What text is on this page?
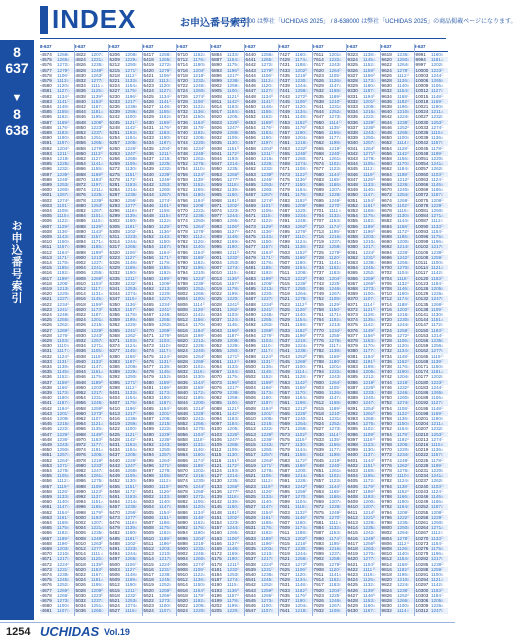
INDEX	お申込番号索引
8-637000 は弊社「UCHIDAS 2025」 / 8-638000 は弊社「UCHIDAS 2025」の商品掲載ページになります。
8
637
▼
8
638
お申込番号索引
8-637
-4574	1258 E
-4575	1265 B
-4576	1272 D
-4577	1279 A
-4578	1106 C
-4579	1113 E
-4580	1120 B
-4581	1127 D
-4582	1134 A
-4583	1141 C
-4584	1148 E
-4585	1155 B
-4586	1162 D
-4587	1169 A
-4588	1176 C
-4589	1183 E
-4590	1190 B
-4591	1197 D
-4592	1204 A
-4593	1211 C
-4594	1218 E
-4595	1225 B
-4596	1232 D
-4597	1239 A
-4598	1246 C
-4599	1253 E
-4600	1260 B
-4601	1267 D
-4602	1274 A
-4603	1101 C
-4604	1108 E
-4605	1115 B
-4606	1122 D
-4607	1129 A
-4608	1136 C
-4609	1143 E
-4610	1150 B
-4611	1157 D
-4612	1164 A
-4613	1171 C
-4614	1178 E
-4615	1185 B
-4616	1192 D
-4617	1199 A
-4618	1206 C
-4619	1213 E
-4620	1220 B
-4621	1227 D
-4622	1234 A
-4623	1241 C
-4624	1248 E
-4625	1255 B
-4626	1262 D
-4627	1269 A
-4628	1276 C
-4629	1103 E
-4630	1110 B
-4631	1117 D
-4632	1124 A
-4633	1131 C
-4634	1138 E
-4635	1145 B
-4636	1152 D
-4637	1159 A
-4638	1166 C
-4639	1173 E
-4640	1180 B
-4641	1187 D
-4642	1194 A
-4643	1201 C
-4644	1208 E
-4645	1215 B
-4646	1222 D
-4647	1229 A
-4648	1236 C
-4649	1243 E
-4650	1250 B
-4651	1257 D
-4652	1264 A
-4653	1271 C
-4654	1278 E
-4655	1105 B
-4656	1112 D
-4657	1119 A
-4658	1126 C
-4659	1133 E
-4660	1140 B
-4661	1147 D
-4662	1154 A
-4663	1161 C
-4664	1168 E
-4665	1175 B
-4666	1182 D
-4667	1189 A
-4668	1196 C
-4669	1203 E
-4670	1210 B
-4671	1217 D
-4672	1224 A
-4673	1231 C
-4674	1238 E
-4675	1245 B
-4676	1252 D
-4677	1259 A
-4678	1266 C
-4679	1273 E
-4680	1100 B
-4681	1107 D
8-637
-4822	1207 C
-4824	1221 A
-4826	1235 D
-4828	1249 B
-4830	1263 E
-4832	1277 C
-4834	1111 A
-4836	1125 D
-4838	1139 B
-4840	1153 E
-4842	1167 C
-4844	1181 A
-4846	1195 D
-4848	1209 B
-4850	1223 E
-4852	1237 C
-4854	1251 A
-4856	1265 D
-4858	1279 B
-4860	1113 E
-4862	1127 C
-4864	1141 A
-4866	1155 D
-4868	1169 B
-4870	1183 E
-4872	1197 C
-4874	1211 A
-4876	1225 D
-4878	1239 B
-4880	1253 E
-4882	1267 C
-4884	1101 A
-4886	1115 D
-4888	1129 B
-4890	1143 E
-4892	1157 C
-4894	1171 A
-4896	1185 D
-4898	1199 B
-4900	1213 E
-4902	1227 C
-4904	1241 A
-4906	1255 D
-4908	1269 B
-4910	1103 E
-4912	1117 C
-4914	1131 A
-4916	1145 D
-4918	1159 B
-4920	1173 E
-4922	1187 C
-4924	1201 A
-4926	1215 D
-4928	1229 B
-4930	1243 E
-4932	1257 C
-4934	1271 A
-4936	1105 D
-4938	1119 B
-4940	1133 E
-4942	1147 C
-4944	1161 A
-4946	1175 D
-4948	1189 B
-4950	1203 E
-4952	1217 C
-4954	1231 A
-4956	1245 D
-4958	1259 B
-4960	1273 E
-4962	1107 C
-4964	1121 A
-4966	1135 D
-4968	1149 B
-4970	1163 E
-4972	1177 C
-4974	1191 A
-4976	1205 D
-4978	1219 B
-4980	1233 E
-4982	1247 C
-4984	1261 A
-4986	1275 D
-4988	1109 B
-4990	1123 E
-4992	1137 C
-4994	1151 A
-4996	1165 D
-4998	1179 B
-5000	1193 E
-5002	1207 C
-5004	1221 A
-5006	1235 D
-5008	1249 B
-5010	1263 E
-5012	1277 C
-5014	1111 A
-5016	1125 D
-5018	1139 B
-5020	1153 E
-5022	1167 C
-5024	1181 A
-5026	1195 D
-5028	1209 B
-5030	1223 E
-5032	1237 C
-5034	1251 A
-5036	1265 D
8-637
-5206	1208 B
-5209	1229 A
-5212	1250 E
-5215	1271 D
-5218	1112 C
-5221	1133 B
-5224	1154 A
-5227	1175 E
-5230	1196 D
-5233	1217 C
-5236	1238 B
-5239	1259 A
-5242	1100 E
-5245	1121 D
-5248	1142 C
-5251	1163 B
-5254	1184 A
-5257	1205 E
-5260	1226 D
-5263	1247 C
-5266	1268 B
-5269	1109 A
-5272	1130 E
-5275	1151 D
-5278	1172 C
-5281	1193 B
-5284	1214 A
-5287	1235 E
-5290	1256 D
-5293	1277 C
-5296	1118 B
-5299	1139 A
-5302	1160 E
-5305	1181 D
-5308	1202 C
-5311	1223 B
-5314	1244 A
-5317	1265 E
-5320	1106 D
-5323	1127 C
-5326	1148 B
-5329	1169 A
-5332	1190 E
-5335	1211 D
-5338	1232 C
-5341	1253 B
-5344	1274 A
-5347	1115 E
-5350	1136 D
-5353	1157 C
-5356	1178 B
-5359	1199 A
-5362	1220 E
-5365	1241 D
-5368	1262 C
-5371	1103 B
-5374	1124 A
-5377	1145 E
-5380	1166 D
-5383	1187 C
-5386	1208 B
-5389	1229 A
-5392	1250 E
-5395	1271 D
-5398	1112 C
-5401	1133 B
-5404	1154 A
-5407	1175 E
-5410	1196 D
-5413	1217 C
-5416	1238 B
-5419	1259 A
-5422	1100 E
-5425	1121 D
-5428	1142 C
-5431	1163 B
-5434	1184 A
-5437	1205 E
-5440	1226 D
-5443	1247 C
-5446	1268 B
-5449	1109 A
-5452	1130 E
-5455	1151 D
-5458	1172 C
-5461	1193 B
-5464	1214 A
-5467	1235 E
-5470	1256 D
-5473	1277 C
-5476	1118 B
-5479	1139 A
-5482	1160 E
-5485	1181 D
-5488	1202 C
-5491	1223 B
-5494	1244 A
-5497	1265 E
-5500	1106 D
-5503	1127 C
-5506	1148 B
-5509	1169 A
-5512	1190 E
-5515	1211 D
-5518	1232 C
-5521	1253 B
-5524	1274 A
-5527	1115 E
8-637
-5417	1258 C
-5418	1265 E
-5419	1272 B
-5420	1279 D
-5421	1106 A
-5422	1113 C
-5423	1120 E
-5424	1127 B
-5425	1134 D
-5426	1141 A
-5427	1148 C
-5428	1155 E
-5429	1162 B
-5430	1169 D
-5431	1176 A
-5432	1183 C
-5433	1190 E
-5434	1197 B
-5435	1204 D
-5436	1211 A
-5437	1218 C
-5438	1225 E
-5439	1232 B
-5440	1239 D
-5441	1246 A
-5442	1253 C
-5443	1260 E
-5444	1267 B
-5445	1274 D
-5446	1101 A
-5447	1108 C
-5448	1115 E
-5449	1122 B
-5450	1129 D
-5451	1136 A
-5452	1143 C
-5453	1150 E
-5454	1157 B
-5455	1164 D
-5456	1171 A
-5457	1178 C
-5458	1185 E
-5459	1192 B
-5460	1199 D
-5461	1206 A
-5462	1213 C
-5463	1220 E
-5464	1227 B
-5465	1234 D
-5466	1241 A
-5467	1248 C
-5468	1255 E
-5469	1262 B
-5470	1269 D
-5471	1276 A
-5472	1103 C
-5473	1110 E
-5474	1117 B
-5475	1124 D
-5476	1131 A
-5477	1138 C
-5478	1145 E
-5479	1152 B
-5480	1159 D
-5481	1166 A
-5482	1173 C
-5483	1180 E
-5484	1187 B
-5485	1194 D
-5486	1201 A
-5487	1208 C
-5488	1215 E
-5489	1222 B
-5490	1229 D
-5491	1236 A
-5492	1243 C
-5493	1250 E
-5494	1257 B
-5495	1264 D
-5496	1271 A
-5497	1278 C
-5498	1105 E
-5499	1112 B
-5500	1119 D
-5501	1126 A
-5502	1133 C
-5503	1140 E
-5504	1147 B
-5505	1154 D
-5506	1161 A
-5507	1168 C
-5508	1175 E
-5509	1182 B
-5510	1189 D
-5511	1196 A
-5512	1203 C
-5513	1210 E
-5514	1217 B
-5515	1224 D
-5516	1231 A
-5517	1238 C
-5518	1245 E
-5519	1252 B
-5520	1259 D
-5521	1266 A
-5522	1273 C
-5523	1100 E
-5524	1107 B
8-637
-5710	1162 A
-5712	1176 D
-5714	1190 B
-5716	1204 E
-5718	1218 C
-5720	1232 A
-5722	1246 D
-5724	1260 B
-5726	1274 E
-5728	1108 C
-5730	1122 A
-5732	1136 D
-5734	1150 B
-5736	1164 E
-5738	1178 C
-5740	1192 A
-5742	1206 D
-5744	1220 B
-5746	1234 E
-5748	1248 C
-5750	1262 A
-5752	1276 D
-5754	1110 B
-5756	1124 E
-5758	1138 C
-5760	1152 A
-5762	1166 D
-5764	1180 B
-5766	1194 E
-5768	1208 C
-5770	1222 A
-5772	1236 D
-5774	1250 B
-5776	1264 E
-5778	1278 C
-5780	1112 A
-5782	1126 D
-5784	1140 B
-5786	1154 E
-5788	1168 C
-5790	1182 A
-5792	1196 D
-5794	1210 B
-5796	1224 E
-5798	1238 C
-5800	1252 A
-5802	1266 D
-5804	1100 B
-5806	1114 E
-5808	1128 C
-5810	1142 A
-5812	1156 D
-5814	1170 B
-5816	1184 E
-5818	1198 C
-5820	1212 A
-5822	1226 D
-5824	1240 B
-5826	1254 E
-5828	1268 C
-5830	1102 A
-5832	1116 D
-5834	1130 B
-5836	1144 E
-5838	1158 C
-5840	1172 A
-5842	1186 D
-5844	1200 B
-5846	1214 E
-5848	1228 C
-5850	1242 A
-5852	1256 D
-5854	1270 B
-5856	1104 E
-5858	1118 C
-5860	1132 A
-5862	1146 D
-5864	1160 B
-5866	1174 E
-5868	1188 C
-5870	1202 A
-5872	1216 D
-5874	1230 B
-5876	1244 E
-5878	1258 C
-5880	1272 A
-5882	1106 D
-5884	1120 B
-5886	1134 E
-5888	1148 C
-5890	1162 A
-5892	1176 D
-5894	1190 B
-5896	1204 E
-5898	1218 C
-5900	1232 A
-5902	1246 D
-5904	1260 B
-5906	1274 E
-5908	1108 C
-5910	1122 A
-5912	1136 D
-5914	1150 B
-5916	1164 E
-5918	1178 C
-5920	1192 A
-5922	1206 D
-5924	1220 B
8-637
-5884	1133 E
-5887	1154 D
-5890	1175 C
-5893	1196 B
-5896	1217 A
-5899	1238 E
-5902	1259 D
-5905	1100 C
-5908	1121 B
-5911	1142 A
-5914	1163 E
-5917	1184 D
-5920	1205 C
-5923	1226 B
-5926	1247 A
-5929	1268 E
-5932	1109 D
-5935	1130 C
-5938	1151 B
-5941	1172 A
-5944	1193 E
-5947	1214 D
-5950	1235 C
-5953	1256 B
-5956	1277 A
-5959	1118 E
-5962	1139 D
-5965	1160 C
-5968	1181 B
-5971	1202 A
-5974	1223 E
-5977	1244 D
-5980	1265 C
-5983	1106 B
-5986	1127 A
-5989	1148 E
-5992	1169 D
-5995	1190 C
-5998	1211 B
-6001	1232 A
-6004	1253 E
-6007	1274 D
-6010	1115 C
-6013	1136 B
-6016	1157 A
-6019	1178 E
-6022	1199 D
-6025	1220 C
-6028	1241 B
-6031	1262 A
-6034	1103 E
-6037	1124 D
-6040	1145 C
-6043	1166 B
-6046	1187 A
-6049	1208 E
-6052	1229 D
-6055	1250 C
-6058	1271 B
-6061	1112 A
-6064	1133 E
-6067	1154 D
-6070	1175 C
-6073	1196 B
-6076	1217 A
-6079	1238 E
-6082	1259 D
-6085	1100 C
-6088	1121 B
-6091	1142 A
-6094	1163 E
-6097	1184 D
-6100	1205 C
-6103	1226 B
-6106	1247 A
-6109	1268 E
-6112	1109 D
-6115	1130 C
-6118	1151 B
-6121	1172 A
-6124	1193 E
-6127	1214 D
-6130	1235 C
-6133	1256 B
-6136	1277 A
-6139	1118 E
-6142	1139 D
-6145	1160 C
-6148	1181 B
-6151	1202 A
-6154	1223 E
-6157	1244 D
-6160	1265 C
-6163	1106 B
-6166	1127 A
-6169	1148 E
-6172	1169 D
-6175	1190 C
-6178	1211 B
-6181	1232 A
-6184	1253 E
-6187	1274 D
-6190	1115 C
-6193	1136 B
-6196	1157 A
-6199	1178 E
-6202	1199 D
-6205	1220 C
8-637
-6440	1258 A
-6441	1265 C
-6442	1272 E
-6443	1279 B
-6444	1106 D
-6445	1113 A
-6446	1120 C
-6447	1127 E
-6448	1134 B
-6449	1141 D
-6450	1148 A
-6451	1155 C
-6452	1162 E
-6453	1169 B
-6454	1176 D
-6455	1183 A
-6456	1190 C
-6457	1197 E
-6458	1204 B
-6459	1211 D
-6460	1218 A
-6461	1225 C
-6462	1232 E
-6463	1239 B
-6464	1246 D
-6465	1253 A
-6466	1260 C
-6467	1267 E
-6468	1274 B
-6469	1101 D
-6470	1108 A
-6471	1115 C
-6472	1122 E
-6473	1129 B
-6474	1136 D
-6475	1143 A
-6476	1150 C
-6477	1157 E
-6478	1164 B
-6479	1171 D
-6480	1178 A
-6481	1185 C
-6482	1192 E
-6483	1199 B
-6484	1206 D
-6485	1213 A
-6486	1220 C
-6487	1227 E
-6488	1234 B
-6489	1241 D
-6490	1248 A
-6491	1255 C
-6492	1262 E
-6493	1269 B
-6494	1276 D
-6495	1103 A
-6496	1110 C
-6497	1117 E
-6498	1124 B
-6499	1131 D
-6500	1138 A
-6501	1145 C
-6502	1152 E
-6503	1159 B
-6504	1166 D
-6505	1173 A
-6506	1180 C
-6507	1187 E
-6508	1194 B
-6509	1201 D
-6510	1208 A
-6511	1215 C
-6512	1222 E
-6513	1229 B
-6514	1236 D
-6515	1243 A
-6516	1250 C
-6517	1257 E
-6518	1264 B
-6519	1271 D
-6520	1278 A
-6521	1105 C
-6522	1112 E
-6523	1119 B
-6524	1126 D
-6525	1133 A
-6526	1140 C
-6527	1147 E
-6528	1154 B
-6529	1161 D
-6530	1168 A
-6531	1175 C
-6532	1182 E
-6533	1189 B
-6534	1196 D
-6535	1203 A
-6536	1210 C
-6537	1217 E
-6538	1224 B
-6539	1231 D
-6540	1238 A
-6541	1245 C
-6542	1252 E
-6543	1259 B
-6544	1266 D
-6545	1273 A
-6546	1100 C
-6547	1107 E
8-637
-7427	1160 C
-7429	1174 A
-7431	1188 D
-7433	1202 B
-7435	1216 E
-7437	1230 C
-7439	1244 A
-7441	1258 D
-7443	1272 B
-7445	1106 E
-7447	1120 C
-7449	1134 A
-7451	1148 D
-7453	1162 B
-7455	1176 E
-7457	1190 C
-7459	1204 A
-7461	1218 D
-7463	1232 B
-7465	1246 E
-7467	1260 C
-7469	1274 A
-7471	1108 D
-7473	1122 B
-7475	1136 E
-7477	1150 C
-7479	1164 A
-7481	1178 D
-7483	1192 B
-7485	1206 E
-7487	1220 C
-7489	1234 A
-7491	1248 D
-7493	1262 B
-7495	1276 E
-7497	1110 C
-7499	1124 A
-7501	1138 D
-7503	1152 B
-7505	1166 E
-7507	1180 C
-7509	1194 A
-7511	1208 D
-7513	1222 B
-7515	1236 E
-7517	1250 C
-7519	1264 A
-7521	1278 D
-7523	1112 B
-7525	1126 E
-7527	1140 C
-7529	1154 A
-7531	1168 D
-7533	1182 B
-7535	1196 E
-7537	1210 C
-7539	1224 A
-7541	1238 D
-7543	1252 B
-7545	1266 E
-7547	1100 C
-7549	1114 A
-7551	1128 D
-7553	1142 B
-7555	1156 E
-7557	1170 C
-7559	1184 A
-7561	1198 D
-7563	1212 B
-7565	1226 E
-7567	1240 C
-7569	1254 A
-7571	1268 D
-7573	1102 B
-7575	1116 E
-7577	1130 C
-7579	1144 A
-7581	1158 D
-7583	1172 B
-7585	1186 E
-7587	1200 C
-7589	1214 A
-7591	1228 D
-7593	1242 B
-7595	1256 E
-7597	1270 C
-7599	1104 A
-7601	1118 D
-7603	1132 B
-7605	1146 E
-7607	1160 C
-7609	1174 A
-7611	1188 D
-7613	1202 B
-7615	1216 E
-7617	1230 C
-7619	1244 A
-7621	1258 D
-7623	1272 B
-7625	1106 E
-7627	1120 C
-7629	1134 A
-7631	1148 D
-7633	1162 B
-7635	1176 E
-7637	1190 C
-7639	1204 A
-7641	1218 D
8-637
-7611	1201 B
-7614	1222 A
-7617	1243 E
-7620	1264 D
-7623	1105 C
-7626	1126 B
-7629	1147 A
-7632	1168 E
-7635	1189 D
-7638	1210 C
-7641	1231 B
-7644	1252 A
-7647	1273 E
-7650	1114 D
-7653	1135 C
-7656	1156 B
-7659	1177 A
-7662	1198 E
-7665	1219 D
-7668	1240 C
-7671	1261 B
-7674	1102 A
-7677	1123 E
-7680	1144 D
-7683	1165 C
-7686	1186 B
-7689	1207 A
-7692	1228 E
-7695	1249 D
-7698	1270 C
-7701	1111 B
-7704	1132 A
-7707	1153 E
-7710	1174 D
-7713	1195 C
-7716	1216 B
-7719	1237 A
-7722	1258 E
-7725	1279 D
-7728	1120 C
-7731	1141 B
-7734	1162 A
-7737	1183 E
-7740	1204 D
-7743	1225 C
-7746	1246 B
-7749	1267 A
-7752	1108 E
-7755	1129 D
-7758	1150 C
-7761	1171 B
-7764	1192 A
-7767	1213 E
-7770	1234 D
-7773	1255 C
-7776	1276 B
-7779	1117 A
-7782	1138 E
-7785	1159 D
-7788	1180 C
-7791	1201 B
-7794	1222 A
-7797	1243 E
-7800	1264 D
-7803	1105 C
-7806	1126 B
-7809	1147 A
-7812	1168 E
-7815	1189 D
-7818	1210 C
-7821	1231 B
-7824	1252 A
-7827	1273 E
-7830	1114 D
-7833	1135 C
-7836	1156 B
-7839	1177 A
-7842	1198 E
-7845	1219 D
-7848	1240 C
-7851	1261 B
-7854	1102 A
-7857	1123 E
-7860	1144 D
-7863	1165 C
-7866	1186 B
-7869	1207 A
-7872	1228 E
-7875	1249 D
-7878	1270 C
-7881	1111 B
-7884	1132 A
-7887	1153 E
-7890	1174 D
-7893	1195 C
-7896	1216 B
-7899	1237 A
-7902	1258 E
-7905	1279 D
-7908	1120 C
-7911	1141 B
-7914	1162 A
-7917	1183 E
-7920	1204 D
-7923	1225 C
-7926	1246 B
-7929	1267 A
-7932	1108 E
8-637
-9323	1138 D
-9324	1145 A
-9325	1152 C
-9326	1159 E
-9327	1166 B
-9328	1173 D
-9329	1180 A
-9330	1187 C
-9331	1194 E
-9332	1201 B
-9333	1208 D
-9334	1215 A
-9335	1222 C
-9336	1229 E
-9337	1236 B
-9338	1243 D
-9339	1250 A
-9340	1257 C
-9341	1264 E
-9342	1271 B
-9343	1278 D
-9344	1105 A
-9345	1112 C
-9346	1119 E
-9347	1126 B
-9348	1133 D
-9349	1140 A
-9350	1147 C
-9351	1154 E
-9352	1161 B
-9353	1168 D
-9354	1175 A
-9355	1182 C
-9356	1189 E
-9357	1196 B
-9358	1203 D
-9359	1210 A
-9360	1217 C
-9361	1224 E
-9362	1231 B
-9363	1238 D
-9364	1245 A
-9365	1252 C
-9366	1259 E
-9367	1266 B
-9368	1273 D
-9369	1100 A
-9370	1107 C
-9371	1114 E
-9372	1121 B
-9373	1128 D
-9374	1135 A
-9375	1142 C
-9376	1149 E
-9377	1156 B
-9378	1163 D
-9379	1170 A
-9380	1177 C
-9381	1184 E
-9382	1191 B
-9383	1198 D
-9384	1205 A
-9385	1212 C
-9386	1219 E
-9387	1226 B
-9388	1233 D
-9389	1240 A
-9390	1247 C
-9391	1254 E
-9392	1261 B
-9393	1268 D
-9394	1275 A
-9395	1102 C
-9396	1109 E
-9397	1116 B
-9398	1123 D
-9399	1130 A
-9400	1137 C
-9401	1144 E
-9402	1151 B
-9403	1158 D
-9404	1165 A
-9405	1172 C
-9406	1179 E
-9407	1186 B
-9408	1193 D
-9409	1200 A
-9410	1207 C
-9411	1214 E
-9412	1221 B
-9413	1228 D
-9414	1235 A
-9415	1242 C
-9416	1249 E
-9417	1256 B
-9418	1263 D
-9419	1270 A
-9420	1277 C
-9421	1104 E
-9422	1111 B
-9423	1118 D
-9424	1125 A
-9425	1132 C
-9426	1139 E
-9427	1146 B
-9428	1153 D
-9429	1160 A
-9430	1167 C
8-637
-9618	1236 D
-9620	1250 B
-9622	1264 E
-9624	1278 C
-9626	1112 A
-9628	1126 D
-9630	1140 B
-9632	1154 E
-9634	1168 C
-9636	1182 A
-9638	1196 D
-9640	1210 B
-9642	1224 E
-9644	1238 C
-9646	1252 A
-9648	1266 D
-9650	1100 B
-9652	1114 E
-9654	1128 C
-9656	1142 A
-9658	1156 D
-9660	1170 B
-9662	1184 E
-9664	1198 C
-9666	1212 A
-9668	1226 D
-9670	1240 B
-9672	1254 E
-9674	1268 C
-9676	1102 A
-9678	1116 D
-9680	1130 B
-9682	1144 E
-9684	1158 C
-9686	1172 A
-9688	1186 D
-9690	1200 B
-9692	1214 E
-9694	1228 C
-9696	1242 A
-9698	1256 D
-9700	1270 B
-9702	1104 E
-9704	1118 C
-9706	1132 A
-9708	1146 D
-9710	1160 B
-9712	1174 E
-9714	1188 C
-9716	1202 A
-9718	1216 D
-9720	1230 B
-9722	1244 E
-9724	1258 C
-9726	1272 A
-9728	1106 D
-9730	1120 B
-9732	1134 E
-9734	1148 C
-9736	1162 A
-9738	1176 D
-9740	1190 B
-9742	1204 E
-9744	1218 C
-9746	1232 A
-9748	1246 D
-9750	1260 B
-9752	1274 E
-9754	1108 C
-9756	1122 A
-9758	1136 D
-9760	1150 B
-9762	1164 E
-9764	1178 C
-9766	1192 A
-9768	1206 D
-9770	1220 B
-9772	1234 E
-9774	1248 C
-9776	1262 A
-9778	1276 D
-9780	1110 B
-9782	1124 E
-9784	1138 C
-9786	1152 A
-9788	1166 D
-9790	1180 B
-9792	1194 E
-9794	1208 C
-9796	1222 A
-9798	1236 D
-9800	1250 B
-9802	1264 E
-9804	1278 C
-9806	1112 A
-9808	1126 D
-9810	1140 B
-9812	1154 E
-9814	1168 C
-9816	1182 A
-9818	1196 D
-9820	1210 B
-9822	1224 E
-9824	1238 C
-9826	1252 A
-9828	1266 D
-9830	1100 B
-9832	1114 E
8-637
-9991	1160 B
-9994	1181 A
-9997	1202 E
-10000 1223 D
-10003 1244 C
-10006 1265 B
-10009 1106 A
-10012 1127 E
-10015 1148 D
-10018 1169 C
-10021 1190 B
-10024 1211 A
-10027 1232 E
-10030 1253 D
-10033 1274 C
-10036 1115 B
-10039 1136 A
-10042 1157 E
-10045 1178 D
-10048 1199 C
-10051 1220 B
-10054 1241 A
-10057 1262 E
-10060 1103 D
-10063 1124 C
-10066 1145 B
-10069 1166 A
-10072 1187 E
-10075 1208 D
-10078 1229 C
-10081 1250 B
-10084 1271 A
-10087 1112 E
-10090 1133 D
-10093 1154 C
-10096 1175 B
-10099 1196 A
-10102 1217 E
-10105 1238 D
-10108 1259 C
-10111 1100 B
-10114 1121 A
-10117 1142 E
-10120 1163 D
-10123 1184 C
-10126 1205 B
-10129 1226 A
-10132 1247 E
-10135 1268 D
-10138 1109 C
-10141 1130 B
-10144 1151 A
-10147 1172 E
-10150 1193 D
-10153 1214 C
-10156 1235 B
-10159 1256 A
-10162 1277 E
-10165 1118 D
-10168 1139 C
-10171 1160 B
-10174 1181 A
-10177 1202 E
-10180 1223 D
-10183 1244 C
-10186 1265 B
-10189 1106 A
-10192 1127 E
-10195 1148 D
-10198 1169 C
-10201 1190 B
-10204 1211 A
-10207 1232 E
-10210 1253 D
-10213 1274 C
-10216 1115 B
-10219 1136 A
-10222 1157 E
-10225 1178 D
-10228 1199 C
-10231 1220 B
-10234 1241 A
-10237 1262 E
-10240 1103 D
-10243 1124 C
-10246 1145 B
-10249 1166 A
-10252 1187 E
-10255 1208 D
-10258 1229 C
-10261 1250 B
-10264 1271 A
-10267 1112 E
-10270 1133 D
-10273 1154 C
-10276 1175 B
-10279 1196 A
-10282 1217 E
-10285 1238 D
-10288 1259 C
-10291 1100 B
-10294 1121 A
-10297 1142 E
-10300 1163 D
-10303 1184 C
-10306 1205 B
-10309 1226 A
-10312 1247 E
1254 UCHIDAS Vol.19
